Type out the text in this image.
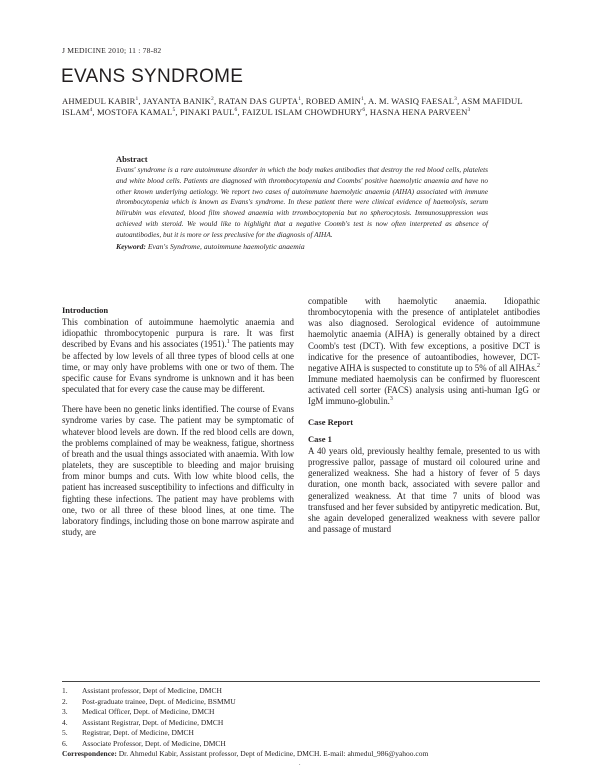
J MEDICINE 2010; 11 : 78-82
EVANS SYNDROME
AHMEDUL KABIR$^1$, JAYANTA BANIK$^2$, RATAN DAS GUPTA$^1$, ROBED AMIN$^1$, A. M. WASIQ FAESAL$^3$, ASM MAFIDUL ISLAM$^4$, MOSTOFA KAMAL$^5$, PINAKI PAUL$^6$, FAIZUL ISLAM CHOWDHURY$^6$, HASNA HENA PARVEEN$^3$
Abstract
Evans' syndrome is a rare autoimmune disorder in which the body makes antibodies that destroy the red blood cells, platelets and white blood cells. Patients are diagnosed with thrombocytopenia and Coombs' positive haemolytic anaemia and have no other known underlying aetiology. We report two cases of autoimmune haemolytic anaemia (AIHA) associated with immune thrombocytopenia which is known as Evans's syndrome. In these patient there were clinical evidence of haemolysis, serum bilirubin was elevated, blood film showed anaemia with trrombocytopenia but no spherocytosis. Immunosuppression was achieved with steroid. We would like to highlight that a negative Coomb's test is now often interpreted as absence of autoantibodies, but it is more or less preclusive for the diagnosis of AIHA.
Keyword: Evan's Syndrome, autoimmune haemolytic anaemia
Introduction

This combination of autoimmune haemolytic anaemia and idiopathic thrombocytopenic purpura is rare. It was first described by Evans and his associates (1951).$^1$ The patients may be affected by low levels of all three types of blood cells at one time, or may only have problems with one or two of them. The specific cause for Evans syndrome is unknown and it has been speculated that for every case the cause may be different.

There have been no genetic links identified. The course of Evans syndrome varies by case. The patient may be symptomatic of whatever blood levels are down. If the red blood cells are down, the problems complained of may be weakness, fatigue, shortness of breath and the usual things associated with anaemia. With low platelets, they are susceptible to bleeding and major bruising from minor bumps and cuts. With low white blood cells, the patient has increased susceptibility to infections and difficulty in fighting these infections. The patient may have problems with one, two or all three of these blood lines, at one time. The laboratory findings, including those on bone marrow aspirate and study, are

compatible with haemolytic anaemia. Idiopathic thrombocytopenia with the presence of antiplatelet antibodies was also diagnosed. Serological evidence of autoimmune haemolytic anaemia (AIHA) is generally obtained by a direct Coomb's test (DCT). With few exceptions, a positive DCT is indicative for the presence of autoantibodies, however, DCT-negative AIHA is suspected to constitute up to 5% of all AIHAs.$^2$ Immune mediated haemolysis can be confirmed by fluorescent activated cell sorter (FACS) analysis using anti-human IgG or IgM immuno-globulin.$^3$

Case Report
Case 1

A 40 years old, previously healthy female, presented to us with progressive pallor, passage of mustard oil coloured urine and generalized weakness. She had a history of fever of 5 days duration, one month back, associated with severe pallor and generalized weakness. At that time 7 units of blood was transfused and her fever subsided by antipyretic medication. But, she again developed generalized weakness with severe pallor and passage of mustard

1.	Assistant professor, Dept of Medicine, DMCH
2.	Post-graduate trainee, Dept. of Medicine, BSMMU
3.	Medical Officer, Dept. of Medicine, DMCH
4.	Assistant Registrar, Dept. of Medicine, DMCH
5.	Registrar, Dept. of Medicine, DMCH
6.	Associate Professor, Dept. of Medicine, DMCH
Correspondence: Dr. Ahmedul Kabir, Assistant professor, Dept of Medicine, DMCH. E-mail: ahmedul_986@yahoo.com
.
